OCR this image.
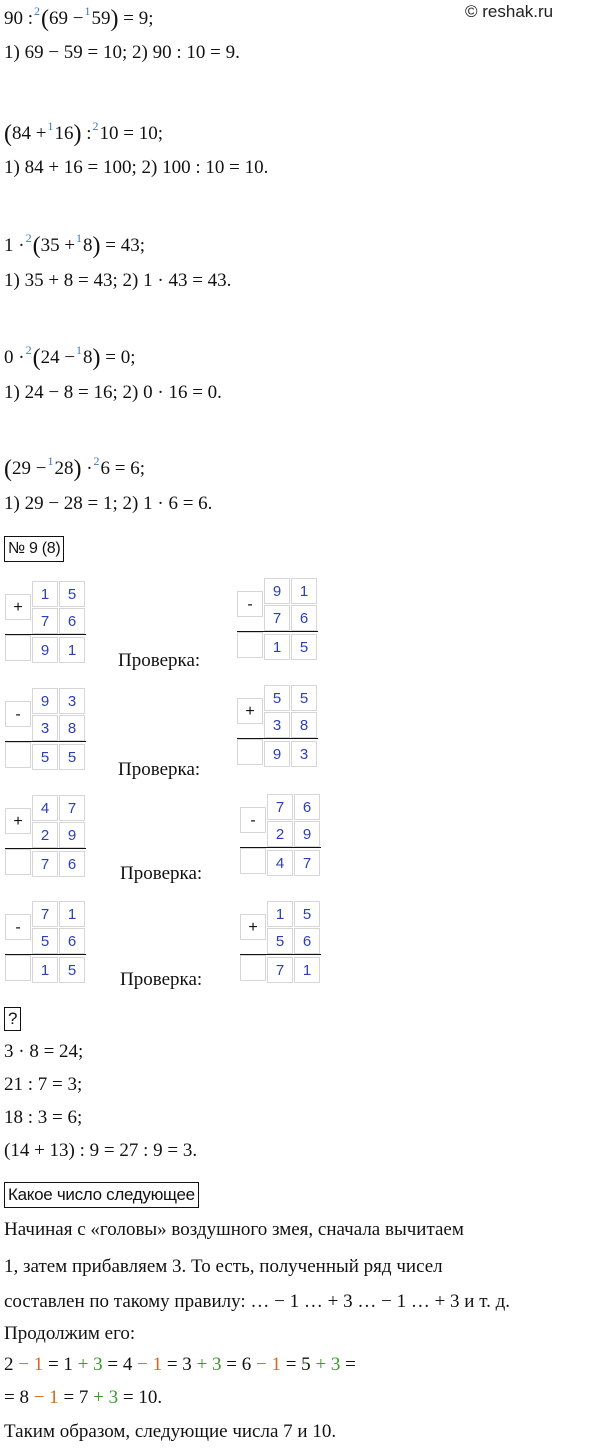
© reshak.ru
90 :$^2$(69 −$^1$59) = 9;
1) 69 − 59 = 10; 2) 90 : 10 = 9.
(84 +$^1$16) :$^2$10 = 10;
1) 84 + 16 = 100; 2) 100 : 10 = 10.
1 ·$^2$(35 +$^1$8) = 43;
1) 35 + 8 = 43; 2) 1 · 43 = 43.
0 ·$^2$(24 −$^1$8) = 0;
1) 24 − 8 = 16; 2) 0 · 16 = 0.
(29 −$^1$28) ·$^2$6 = 6;
1) 29 − 28 = 1; 2) 1 · 6 = 6.
№ 9 (8)
+
1	5
7	6
9	1
-
9	1
7	6
1	5
-
9	3
3	8
5	5
+
5	5
3	8
9	3
+
4	7
2	9
7	6
-
7	6
2	9
4	7
-
7	1
5	6
1	5
+
1	5
5	6
7	1
Проверка:
Проверка:
Проверка:
Проверка:
?
3 · 8 = 24;
21 : 7 = 3;
18 : 3 = 6;
(14 + 13) : 9 = 27 : 9 = 3.
Какое число следующее
Начиная с «головы» воздушного змея, сначала вычитаем
1, затем прибавляем 3. То есть, полученный ряд чисел
составлен по такому правилу: … − 1 … + 3 … − 1 … + 3 и т. д.
Продолжим его:
2 − 1 = 1 + 3 = 4 − 1 = 3 + 3 = 6 − 1 = 5 + 3 =
= 8 − 1 = 7 + 3 = 10.
Таким образом, следующие числа 7 и 10.
